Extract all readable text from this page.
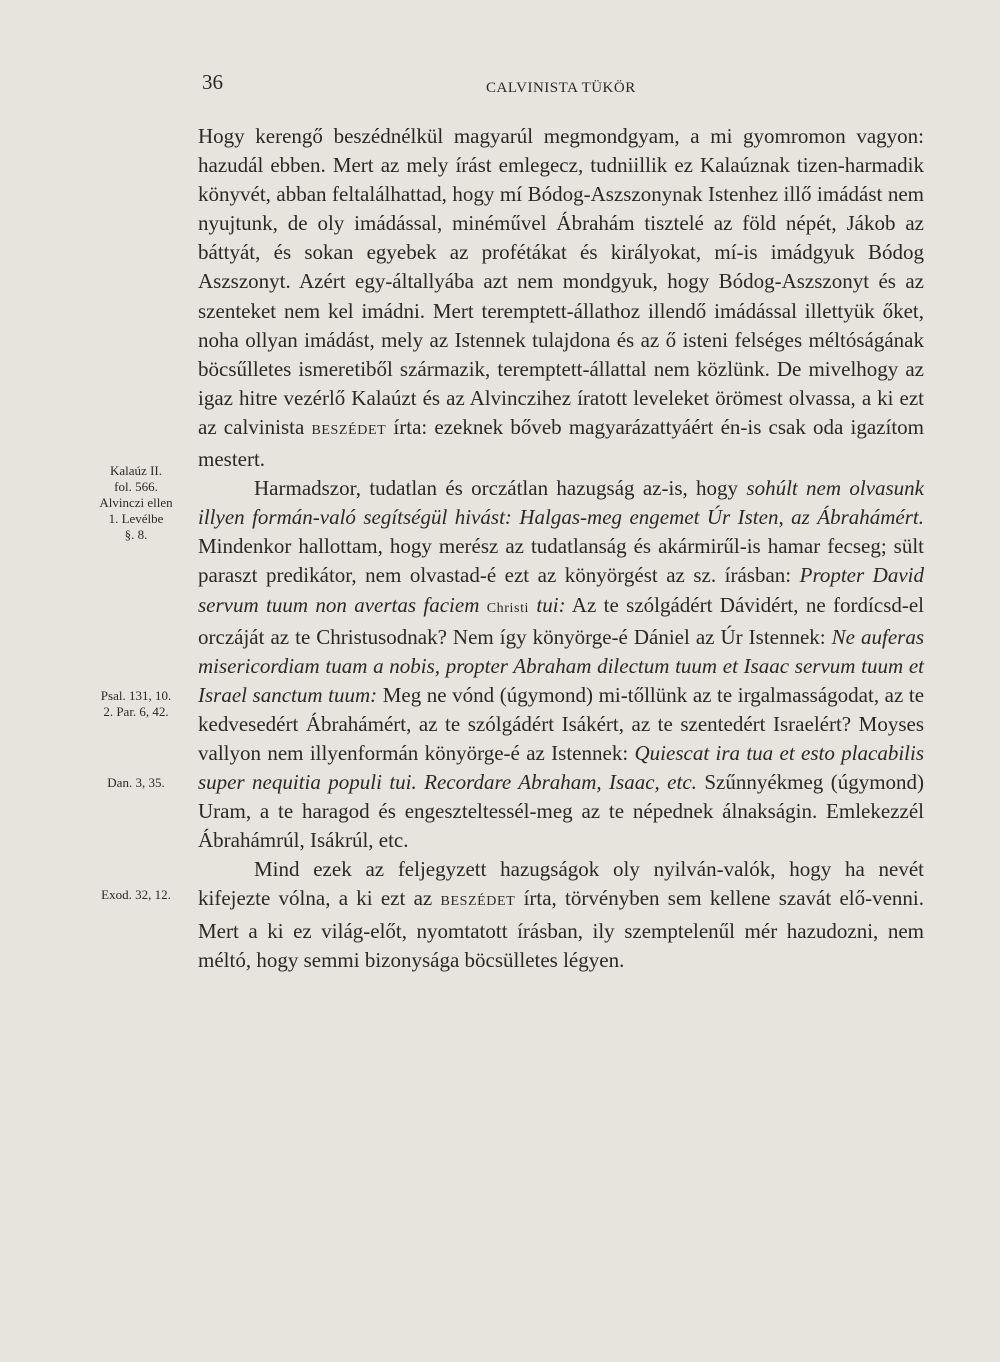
36	CALVINISTA TÜKÖR

Hogy kerengő beszédnélkül magyarúl megmondgyam, a mi gyomromon vagyon: hazudál ebben. Mert az mely írást emlegecz, tudniillik ez Kalaúznak tizen-harmadik könyvét, abban feltalálhattad, hogy mí Bódog-Aszszonynak Istenhez illő imádást nem nyujtunk, de oly imádással, minéművel Ábrahám tisztelé az föld népét, Jákob az báttyát, és sokan egyebek az profétákat és királyokat, mí-is imádgyuk Bódog Aszszonyt. Azért egy-általlyába azt nem mondgyuk, hogy Bódog-Aszszonyt és az szenteket nem kel imádni. Mert teremptett-állathoz illendő imádással illettyük őket, noha ollyan imádást, mely az Istennek tulajdona és az ő isteni felséges méltóságának böcsűlletes ismeretiből származik, teremptett-állattal nem közlünk. De mivelhogy az igaz hitre vezérlő Kalaúzt és az Alvinczihez íratott leveleket örömest olvassa, a ki ezt az calvinista BESZÉDET írta: ezeknek bőveb magyarázattyáért én-is csak oda igazítom mestert.

Harmadszor, tudatlan és orczátlan hazugság az-is, hogy sohúlt nem olvasunk illyen formán-való segítségül hivást: Halgas-meg engemet Úr Isten, az Ábrahámért. Mindenkor hallottam, hogy merész az tudatlanság és akármirűl-is hamar fecseg; sült paraszt predikátor, nem olvastad-é ezt az könyörgést az sz. írásban: Propter David servum tuum non avertas faciem Christi tui: Az te szólgádért Dávidért, ne fordícsd-el orczáját az te Christusodnak? Nem így könyörge-é Dániel az Úr Istennek: Ne auferas misericordiam tuam a nobis, propter Abraham dilectum tuum et Isaac servum tuum et Israel sanctum tuum: Meg ne vónd (úgymond) mi-tőllünk az te irgalmasságodat, az te kedvesedért Ábrahámért, az te szólgádért Isákért, az te szentedért Israelért? Moyses vallyon nem illyenformán könyörge-é az Istennek: Quiescat ira tua et esto placabilis super nequitia populi tui. Recordare Abraham, Isaac, etc. Szűnnyékmeg (úgymond) Uram, a te haragod és engeszteltessél-meg az te népednek álnakságin. Emlekezzél Ábrahámrúl, Isákrúl, etc.

Mind ezek az feljegyzett hazugságok oly nyilván-valók, hogy ha nevét kifejezte vólna, a ki ezt az BESZÉDET írta, törvényben sem kellene szavát elő-venni. Mert a ki ez világ-előt, nyomtatott írásban, ily szemptelenűl mér hazudozni, nem méltó, hogy semmi bizonysága böcsülletes légyen.

Kalaúz II.
fol. 566.
Alvinczi ellen
1. Levélbe
§. 8.
Psal. 131, 10.
2. Par. 6, 42.
Dan. 3, 35.
Exod. 32, 12.
